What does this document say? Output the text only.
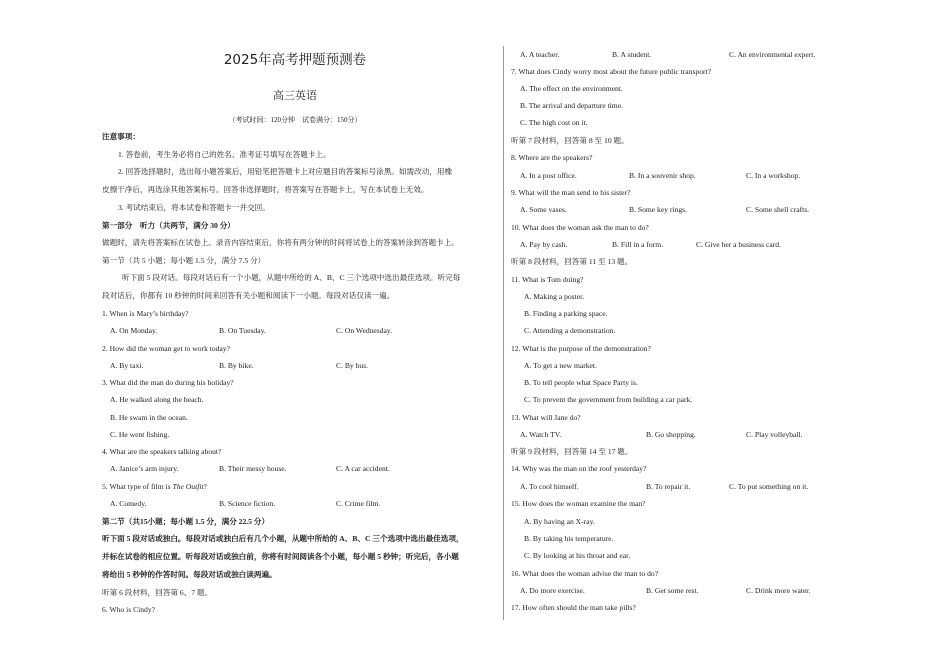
2025年高考押题预测卷
高三英语
（考试时间：120分钟　试卷满分：150分）
注意事项：
1. 答卷前，考生务必将自己的姓名、准考证号填写在答题卡上。
2. 回答选择题时，选出每小题答案后，用铅笔把答题卡上对应题目的答案标号涂黑。如需改动，用橡
皮擦干净后，再选涂其他答案标号。回答非选择题时，将答案写在答题卡上，写在本试卷上无效。
3. 考试结束后，将本试卷和答题卡一并交回。
第一部分　听力（共两节，满分 30 分）
做题时，请先将答案标在试卷上。录音内容结束后，你将有两分钟的时间将试卷上的答案转涂到答题卡上。
第一节（共 5 小题；每小题 1.5 分，满分 7.5 分）
听下面 5 段对话。每段对话后有一个小题，从题中所给的 A、B、C 三个选项中选出最佳选项。听完每
段对话后，你都有 10 秒钟的时间来回答有关小题和阅读下一小题。每段对话仅读一遍。
1. When is Mary’s birthday?
A. On Monday.	B. On Tuesday.	C. On Wednesday.
2. How did the woman get to work today?
A. By taxi.	B. By bike.	C. By bus.
3. What did the man do during his holiday?
A. He walked along the beach.
B. He swam in the ocean.
C. He went fishing.
4. What are the speakers talking about?
A. Janice’s arm injury.	B. Their messy house.	C. A car accident.
5. What type of film is The Outfit?
A. Comedy.	B. Science fiction.	C. Crime film.
第二节（共15小题；每小题 1.5 分，满分 22.5 分）
听下面 5 段对话或独白。每段对话或独白后有几个小题，从题中所给的 A、B、C 三个选项中选出最佳选项，
并标在试卷的相应位置。听每段对话或独白前，你将有时间阅读各个小题，每小题 5 秒钟；听完后，各小题
将给出 5 秒钟的作答时间。每段对话或独白读两遍。
听第 6 段材料，回答第 6、7 题。
6. Who is Cindy?
A. A teacher.	B. A student.	C. An environmental expert.
7. What does Cindy worry most about the future public transport?
A. The effect on the environment.
B. The arrival and departure time.
C. The high cost on it.
听第 7 段材料，回答第 8 至 10 题。
8. Where are the speakers?
A. In a post office.	B. In a souvenir shop.	C. In a workshop.
9. What will the man send to his sister?
A. Some vases.	B. Some key rings.	C. Some shell crafts.
10. What does the woman ask the man to do?
A. Pay by cash.	B. Fill in a form.	C. Give her a business card.
听第 8 段材料，回答第 11 至 13 题。
11. What is Tom doing?
A. Making a poster.
B. Finding a parking space.
C. Attending a demonstration.
12. What is the purpose of the demonstration?
A. To get a new market.
B. To tell people what Space Party is.
C. To prevent the government from building a car park.
13. What will Jane do?
A. Watch TV.	B. Go shopping.	C. Play volleyball.
听第 9 段材料，回答第 14 至 17 题。
14. Why was the man on the roof yesterday?
A. To cool himself.	B. To repair it.	C. To put something on it.
15. How does the woman examine the man?
A. By having an X-ray.
B. By taking his temperature.
C. By looking at his throat and ear.
16. What does the woman advise the man to do?
A. Do more exercise.	B. Get some rest.	C. Drink more water.
17. How often should the man take pills?
